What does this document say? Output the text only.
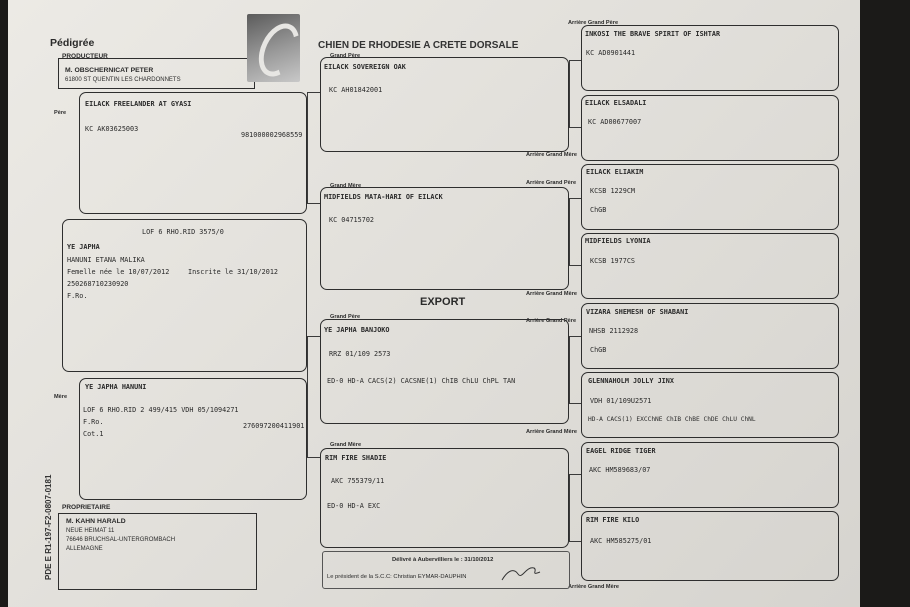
Pédigrée
PRODUCTEUR
M. OBSCHERNICAT PETER
61800 ST QUENTIN LES CHARDONNETS
CHIEN DE RHODESIE A CRETE DORSALE
Père
Mère
Grand Père
Grand Mère
Grand Père
Grand Mère
Arrière Grand Père
Arrière Grand Mère
Arrière Grand Père
Arrière Grand Mère
Arrière Grand Père
Arrière Grand Mère
Arrière Grand Mère
EXPORT
EILACK FREELANDER AT GYASI
KC AK03625003
981000002968559
LOF 6 RHO.RID 3575/0
YE JAPHA
HANUNI ETANA MALIKA
Femelle née le 10/07/2012	Inscrite le 31/10/2012
250268710230920
F.Ro.
YE JAPHA HANUNI
LOF 6 RHO.RID 2 499/415 VDH 05/1094271
F.Ro.	276097200411901
Cot.1
EILACK SOVEREIGN OAK
KC AH01842001
MIDFIELDS MATA-HARI OF EILACK
KC 04715702
YE JAPHA BANJOKO
RRZ 01/109 2573
ED-0 HD-A CACS(2) CACSNE(1) ChIB ChLU ChPL TAN
RIM FIRE SHADIE
AKC 755379/11
ED-0 HD-A EXC
INKOSI THE BRAVE SPIRIT OF ISHTAR
KC AD0901441
EILACK ELSADALI
KC AD00677007
EILACK ELIAKIM
KCSB 1229CM
ChGB
MIDFIELDS LYONIA
KCSB 1977CS
VIZARA SHEMESH OF SHABANI
NHSB 2112928
ChGB
GLENNAHOLM JOLLY JINX
VDH 01/109U2571
HD-A CACS(1) EXCChNE ChIB ChBE ChDE ChLU ChNL
EAGEL RIDGE TIGER
AKC HM589683/07
RIM FIRE KILO
AKC HM585275/01
PROPRIETAIRE
M. KAHN HARALD
NEUE HEIMAT 11
76646 BRUCHSAL-UNTERGROMBACH
ALLEMAGNE
Délivré à Aubervilliers le : 31/10/2012
Le président de la S.C.C: Christian EYMAR-DAUPHIN
PDE E R1-197-F2-0807-0181
